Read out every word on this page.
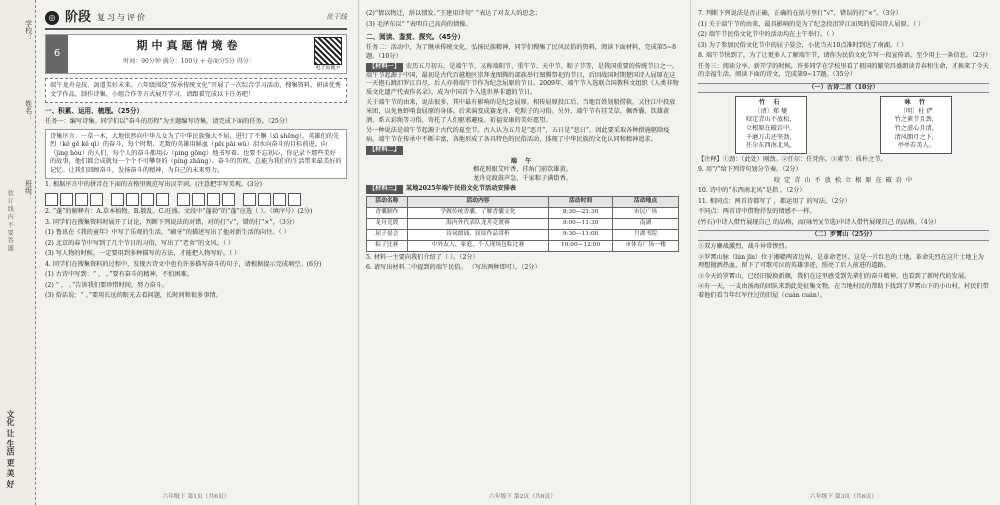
学校：
姓名：
班级：
装 订 线 内 不 要 答 题
文化 让 生活 更 美 好
◎ 阶段 复习与评价	优干线
6
期中真题情境卷
时间：90分钟 满分：100分 + 卷面分5分 得分：
电子原题卡
端午龙舟竞技，剑道美好未来。六年级围绕“传承传统文化”开展了一次综合学习活动，搜集资料、研读优秀文学作品，制作诗集、小组合作等方式展开学习，请跟着完成以下任务吧！
一、积累、运用、梳理。（25分）
任务一：编写诗集。同学们以“奋斗的历程”为主题编写诗集，请完成下面的任务。（25分）
诗集序言：一草一木，大地依然向中华儿女为了中华民族强大不屈，进行了不懈（xī shēng）。英雄们的先烈（kě gē kě qì）的奋斗，每个时期，无数的英雄用鲜血（pēi pāi wǔ）泪水向奋斗的目标前进，向（jìng hòu）的人们，每个人的奋斗都用心（ping gōng）地书写着。也要不忘初心，你记录下那些美好的故事，他们都会成就每一个个不可攀登的（píng zhāng）。奋斗的历程，总能为我们的生活带来最美好的记忆。让我们回顾奋斗，发扬奋斗的精神，为自己的未来努力。
1. 根据序言中的拼音在下面的方格里规范写出汉字词。(注意把字写美观。(3分)
2. “蓬”的解释有：A.草本植物。B.散乱。C.旺盛。文段中“蓬勃”的“蓬”应选（ ）。（填序号）(2分)
3. 同学们在搜集资料时展开了讨论，判断下列说法的对错，对的打“√”，错的打“×”。（3分）
(1) 鲁讯在《我的童年》中写了乐观的生活，“刷牙”的描述写出了他对新生活的向往。（ ）
(2) 北京的春节中写到了几个节日的习俗，写出了“老舍”的文风。（ ）
(3) 写人物的时候，一定要用到多种描写的方法，才能把人物写好。（ ）
4. 同学们在搜集资料的过程中，发现古诗文中也有许多描写奋斗的句子，请根据提示完成填空。(6分)
(1) 古诗中写到：“ ， 。”要有奋斗的精神，不怕困难。
(2) “ ， 。”告诉我们要珍惜时间，努力奋斗。
(3) 俗话说：“ 。”要用长远的眼光去看问题，长时间和很多事情。
六年级下 第1页（共6页）
(2)“情以物迁，辞以情发。”王建用诗句“ ”表达了对友人的思念；
(3) 毛泽东以“ ”表明自己高尚的情操。
二、阅读、鉴赏、探究。（45分）
任务二：活动中，为了继承传统文化，弘扬民族精神，同学们搜集了民风民俗的资料，阅读下面材料，完成第5~8题。（10分）
【材料一】 农历五月初五，是端午节，又称端阳节、重午节、天中节、粽子节等，是我国重要的传统节日之一。端午节起源于中国，最初是古代百越地区崇拜龙图腾的部族举行图腾祭祀的节日，后因战国时期楚国诗人屈原在这一天抱石跳汨罗江自尽，后人亦将端午节作为纪念屈原的节日。2009年，端午节入选联合国教科文组织《人类非物质文化遗产代表作名录》，成为中国首个入选世界非遗的节日。
关于端午节的由来，说法很多，其中最有影响的是纪念屈原。相传屈原投江后，当地百姓划船捞救，又往江中投放米团，以免鱼虾啃食屈原的身体。后来演变成赛龙舟、吃粽子的习俗。另外，端午节有挂艾草、佩香囊、饮雄黄酒、系五彩绳等习俗，寄托了人们驱邪避疫、祈福安康的美好愿望。
另一种说法是端午节起源于古代的夏至节。古人认为五月是“恶月”，五日是“恶日”，因此要采取各种措施驱除疫病。端午节在传承中不断丰富，各地形成了各具特色的民俗活动，体现了中华民族的文化认同和精神追求。
【材料二】
端 午
榴花照眼艾叶香，挂角门前饮雄黄。
龙舟竞渡鼓声急，千家粽子满街香。
【材料三】 某地2025年端午民俗文化节活动安排表
活动名称	活动内容	活动时间	活动地点
香囊制作	学做传统香囊，了解香囊文化	8:30—21:30	市民广场
龙舟竞渡	海内外代表队龙舟竞渡赛	9:00—11:30	南湖
屈子晏会	诗词朗诵、屈原作品赏析	9:30—11:00	月湖书院
粽子比赛	中外友人、家庭、个人现场包粽比赛	10:00—12:00	市体育广场一楼
5. 材料一主要向我们介绍了（ ）。（2分）
6. 请写出材料二中提到的端午民俗。 （写出两种即可）。（2分）
六年级下 第2页（共6页）
7. 判断下列说法是否正确，正确的在括号里打“√”，错误的打“×”。（3分）
(1) 关于端午节的由来，最具影响的是为了纪念投汨罗江而死的爱国诗人屈原。（ ）
(2) 端午节民俗文化节中的活动均在上午举行。（ ）
(3) 为了参加民俗文化节中的屈子晏会，小优当天10点准时到达了南湖。（ ）
8. 端午节快到了，为了让更多人了解端午节，请你为民俗文化节写一段宣传语，至少用上一条信息。（2分）
任务三：阅读分享。新开学的时候，许多同学在学校里看了祖国的繁荣昌盛朗读青春和生命，才换来了今天的幸福生活。阅读下面的诗文，完成第9~17题。（35分）
（一）古诗二首（10分）
竹 石
〔清〕郑 燮
咬定青山不放松，
立根原在破岩中。
千磨万击还坚劲，
任尔东西南北风。
咏 竹
〔明〕杜 俨
竹之素节且劲，
竹之虚心且清，
清风朗月之下，
亭亭若美人。
【注释】①劲：（此处）刚劲。②任尔：任凭你。③素节：质朴之节。
9. 用“/”给下列诗句划分节奏。（2分）
咬 定 青 山 不 放 松 立 根 原 在 破 岩 中
10. 诗中的“东西南北风”是指 。（2分）
11. 相同点：两首诗都写了 ，都运用了 的写法。（2分）
不同点：两首诗中借物抒发的情感不一样。
(竹石)中诗人借竹展现自己 的品格，而(咏竹)(节选)中诗人借竹展现自己 的品格。（4分）
（二）罗霄山（25分）
①双方鏖战激烈，战斗异常惨烈。
②罗霄山脉（lún jīn）位于湘赣两省边界，是革命老区。这是一片红色的土地，革命先烈在这片土地上为理想抛洒热血，留下了可歌可泣的英雄事迹，照亮了后人前进的道路。
③今天的罗霄山，已经旧貌换新颜，我们在这里感受到先辈们的奋斗精神，也看到了新时代的发展。
④有一天，一支由汤海的团队来到此处征集文物，在当地村民的帮助下找到了罗霄山下的小山村，村民们带着他们看当年红军住过的旧屋（cuán cuán）。
六年级下 第3页（共6页）
